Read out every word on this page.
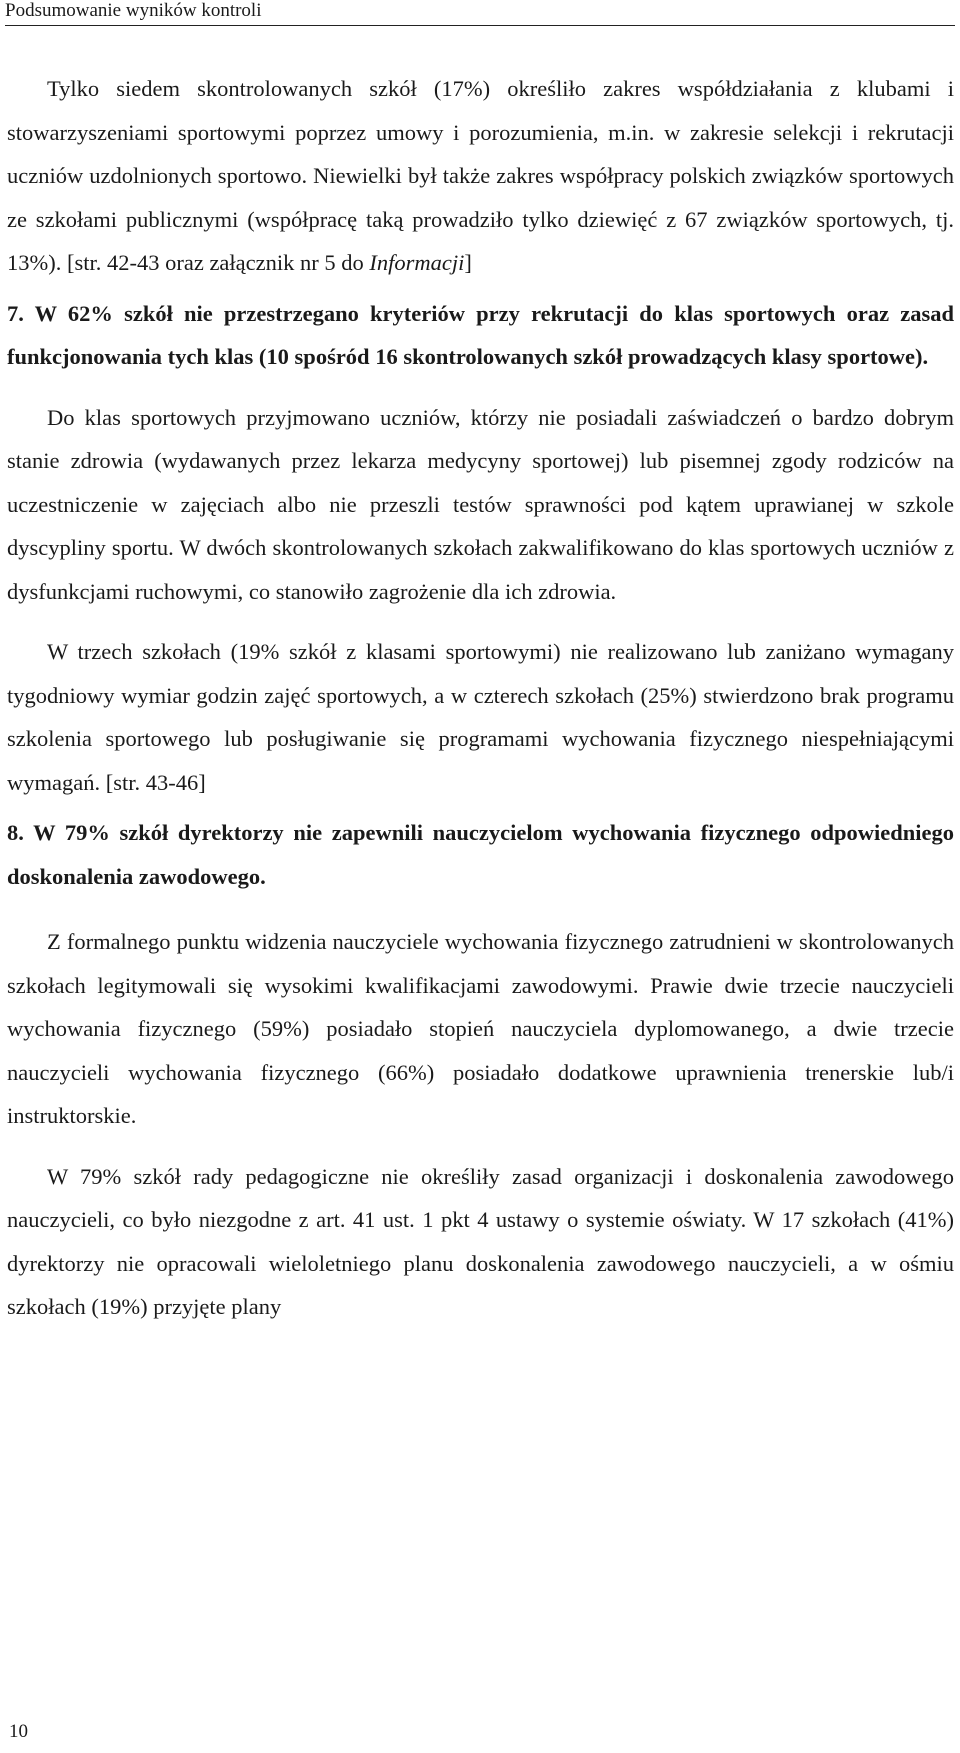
Podsumowanie wyników kontroli

Tylko siedem skontrolowanych szkół (17%) określiło zakres współdziałania z klubami i stowarzyszeniami sportowymi poprzez umowy i porozumienia, m.in. w zakresie selekcji i rekrutacji uczniów uzdolnionych sportowo. Niewielki był także zakres współpracy polskich związków sportowych ze szkołami publicznymi (współpracę taką prowadziło tylko dziewięć z 67 związków sportowych, tj. 13%). [str. 42-43 oraz załącznik nr 5 do Informacji]

7. W 62% szkół nie przestrzegano kryteriów przy rekrutacji do klas sportowych oraz zasad funkcjonowania tych klas (10 spośród 16 skontrolowanych szkół prowadzących klasy sportowe).

Do klas sportowych przyjmowano uczniów, którzy nie posiadali zaświadczeń o bardzo dobrym stanie zdrowia (wydawanych przez lekarza medycyny sportowej) lub pisemnej zgody rodziców na uczestniczenie w zajęciach albo nie przeszli testów sprawności pod kątem uprawianej w szkole dyscypliny sportu. W dwóch skontrolowanych szkołach zakwalifikowano do klas sportowych uczniów z dysfunkcjami ruchowymi, co stanowiło zagrożenie dla ich zdrowia.

W trzech szkołach (19% szkół z klasami sportowymi) nie realizowano lub zaniżano wymagany tygodniowy wymiar godzin zajęć sportowych, a w czterech szkołach (25%) stwierdzono brak programu szkolenia sportowego lub posługiwanie się programami wychowania fizycznego niespełniającymi wymagań. [str. 43-46]

8. W 79% szkół dyrektorzy nie zapewnili nauczycielom wychowania fizycznego odpowiedniego doskonalenia zawodowego.

Z formalnego punktu widzenia nauczyciele wychowania fizycznego zatrudnieni w skontrolowanych szkołach legitymowali się wysokimi kwalifikacjami zawodowymi. Prawie dwie trzecie nauczycieli wychowania fizycznego (59%) posiadało stopień nauczyciela dyplomowanego, a dwie trzecie nauczycieli wychowania fizycznego (66%) posiadało dodatkowe uprawnienia trenerskie lub/i instruktorskie.

W 79% szkół rady pedagogiczne nie określiły zasad organizacji i doskonalenia zawodowego nauczycieli, co było niezgodne z art. 41 ust. 1 pkt 4 ustawy o systemie oświaty. W 17 szkołach (41%) dyrektorzy nie opracowali wieloletniego planu doskonalenia zawodowego nauczycieli, a w ośmiu szkołach (19%) przyjęte plany

10
